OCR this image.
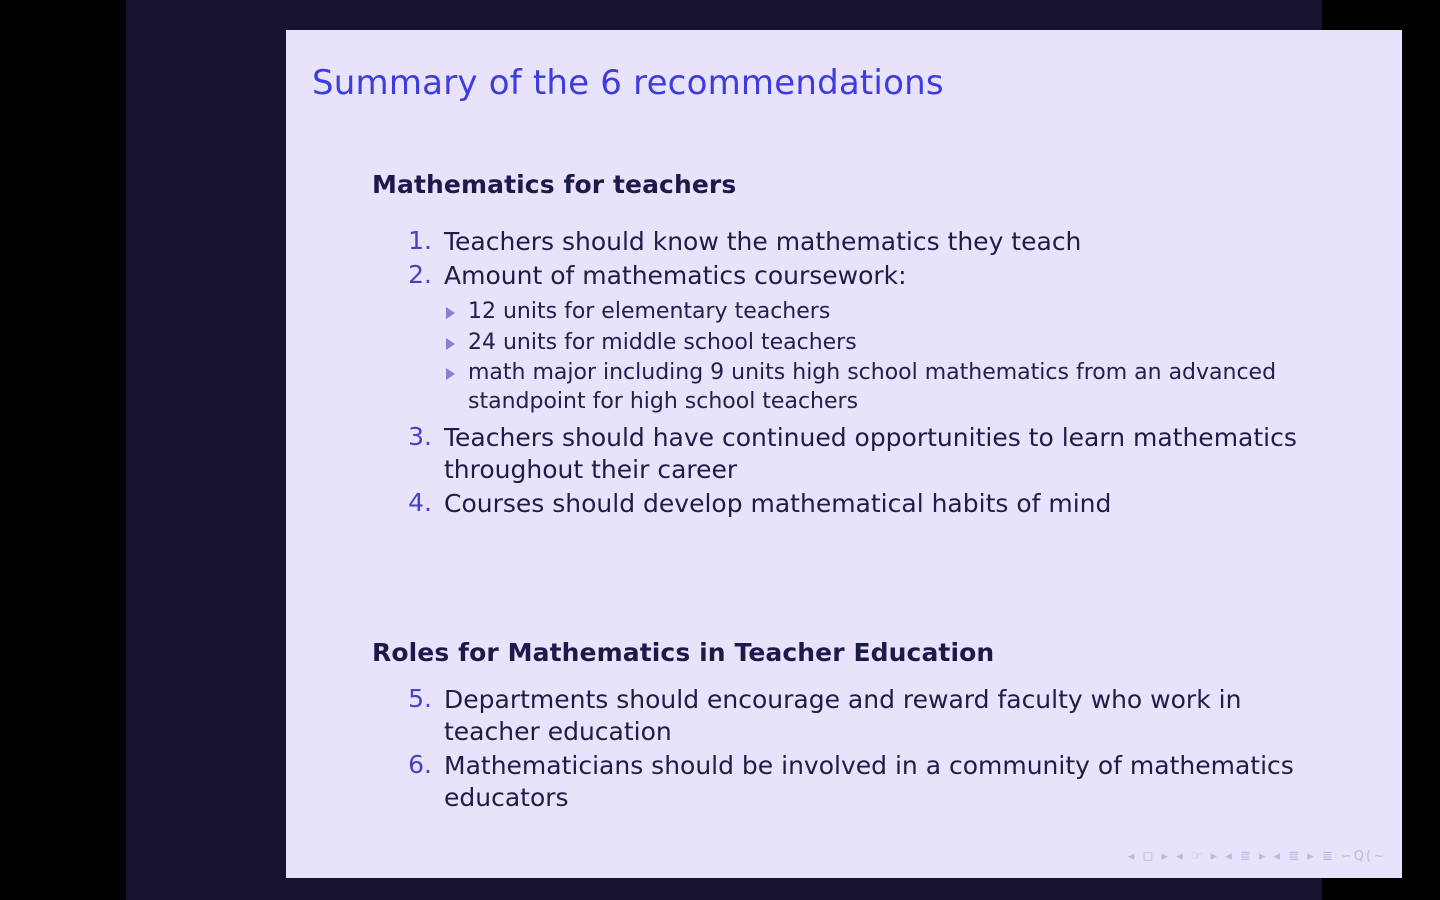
Summary of the 6 recommendations
Mathematics for teachers
1. Teachers should know the mathematics they teach
2. Amount of mathematics coursework:
12 units for elementary teachers
24 units for middle school teachers
math major including 9 units high school mathematics from an advanced standpoint for high school teachers
3. Teachers should have continued opportunities to learn mathematics throughout their career
4. Courses should develop mathematical habits of mind
Roles for Mathematics in Teacher Education
5. Departments should encourage and reward faculty who work in teacher education
6. Mathematicians should be involved in a community of mathematics educators
◂ ◻ ▸ ◂ ☞ ▸ ◂ ≣ ▸ ◂ ≣ ▸ ≣ ∽Q(∼
